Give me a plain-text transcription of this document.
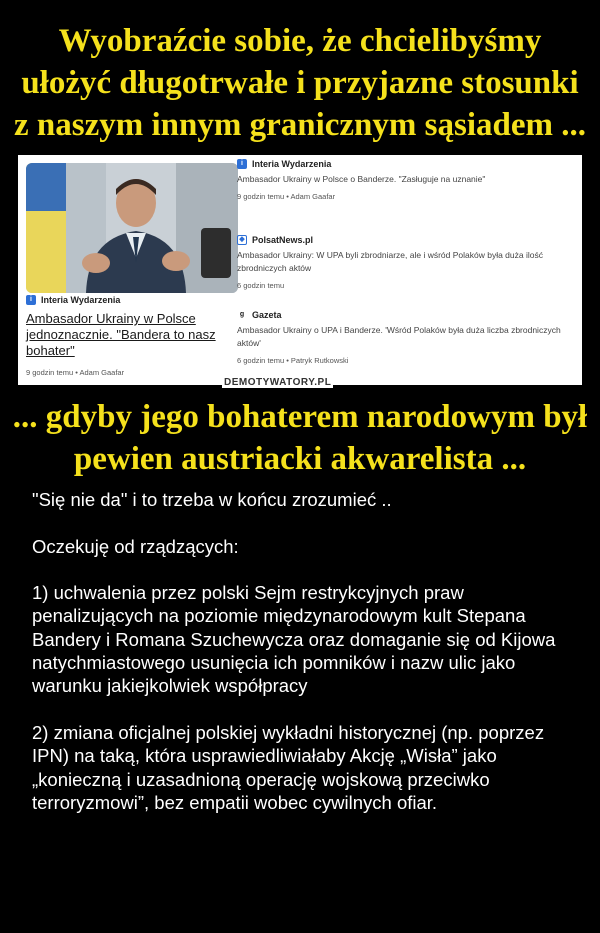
Wyobraźcie sobie, że chcielibyśmy ułożyć długotrwałe i przyjazne stosunki z naszym innym granicznym sąsiadem ...
i	Interia Wydarzenia
Ambasador Ukrainy w Polsce jednoznacznie. "Bandera to nasz bohater"
9 godzin temu • Adam Gaafar
i	Interia Wydarzenia
Ambasador Ukrainy w Polsce o Banderze. "Zasługuje na uznanie"
9 godzin temu • Adam Gaafar
◆ PolsatNews.pl
Ambasador Ukrainy: W UPA byli zbrodniarze, ale i wśród Polaków była duża ilość zbrodniczych aktów
6 godzin temu
g Gazeta
Ambasador Ukrainy o UPA i Banderze. 'Wśród Polaków była duża liczba zbrodniczych aktów'
6 godzin temu • Patryk Rutkowski
DEMOTYWATORY.PL
... gdyby jego bohaterem narodowym był pewien austriacki akwarelista ...
"Się nie da" i to trzeba w końcu zrozumieć ..

Oczekuję od rządzących:

1) uchwalenia przez polski Sejm restrykcyjnych praw penalizujących na poziomie międzynarodowym kult Stepana Bandery i Romana Szuchewycza oraz domaganie się od Kijowa natychmiastowego usunięcia ich pomników i nazw ulic jako warunku jakiejkolwiek współpracy

2) zmiana oficjalnej polskiej wykładni historycznej (np. poprzez IPN) na taką, która usprawiedliwiałaby Akcję „Wisła” jako „konieczną i uzasadnioną operację wojskową przeciwko terroryzmowi”, bez empatii wobec cywilnych ofiar.
